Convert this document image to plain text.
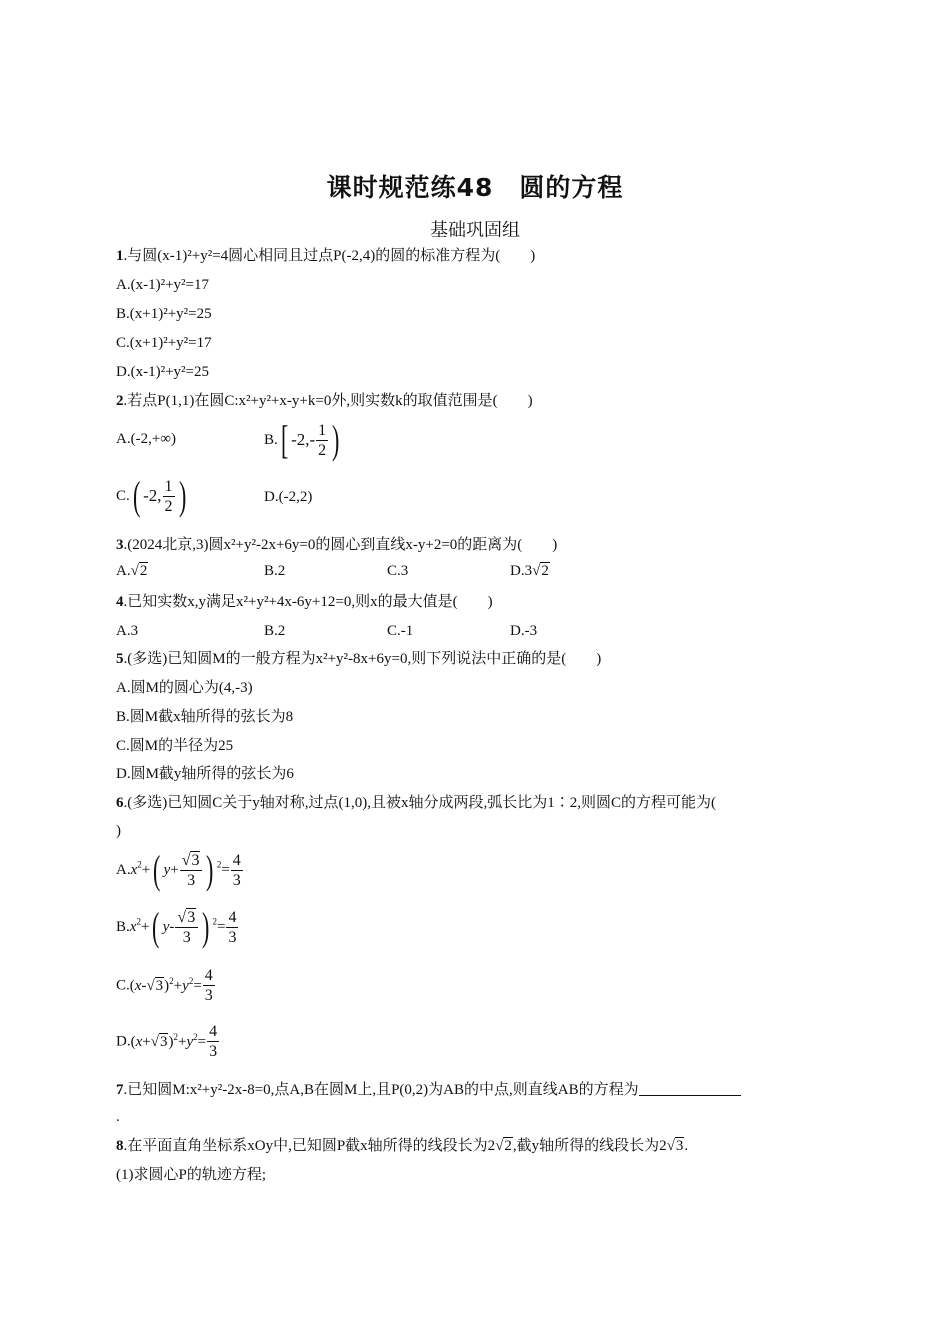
课时规范练48　圆的方程
基础巩固组
1.与圆(x-1)²+y²=4圆心相同且过点P(-2,4)的圆的标准方程为(　　)
A.(x-1)²+y²=17
B.(x+1)²+y²=25
C.(x+1)²+y²=17
D.(x-1)²+y²=25
2.若点P(1,1)在圆C:x²+y²+x-y+k=0外,则实数k的取值范围是(　　)
A.(-2,+∞)	B.[ $-2,- \frac{1}{2}$ )
C.( -2, $\frac{1}{2}$ )	D.(-2,2)
3.(2024北京,3)圆x²+y²-2x+6y=0的圆心到直线x-y+2=0的距离为(　　)
A.√2	B.2	C.3	D.3√2
4.已知实数x,y满足x²+y²+4x-6y+12=0,则x的最大值是(　　)
A.3	B.2	C.-1	D.-3
5.(多选)已知圆M的一般方程为x²+y²-8x+6y=0,则下列说法中正确的是(　　)
A.圆M的圆心为(4,-3)
B.圆M截x轴所得的弦长为8
C.圆M的半径为25
D.圆M截y轴所得的弦长为6
6.(多选)已知圆C关于y轴对称,过点(1,0),且被x轴分成两段,弧长比为1∶2,则圆C的方程可能为(
)
$A.x^2+$( $y+ \frac{√3}{3}$ ) $^2= \frac{4}{3}$
$B.x^2+$( $y- \frac{√3}{3}$ ) $^2= \frac{4}{3}$
$C.(x-√3)^2+y^2= \frac{4}{3}$
$D.(x+√3)^2+y^2= \frac{4}{3}$
7.已知圆M:x²+y²-2x-8=0,点A,B在圆M上,且P(0,2)为AB的中点,则直线AB的方程为
.
8.在平面直角坐标系xOy中,已知圆P截x轴所得的线段长为2√2,截y轴所得的线段长为2√3.
(1)求圆心P的轨迹方程;
